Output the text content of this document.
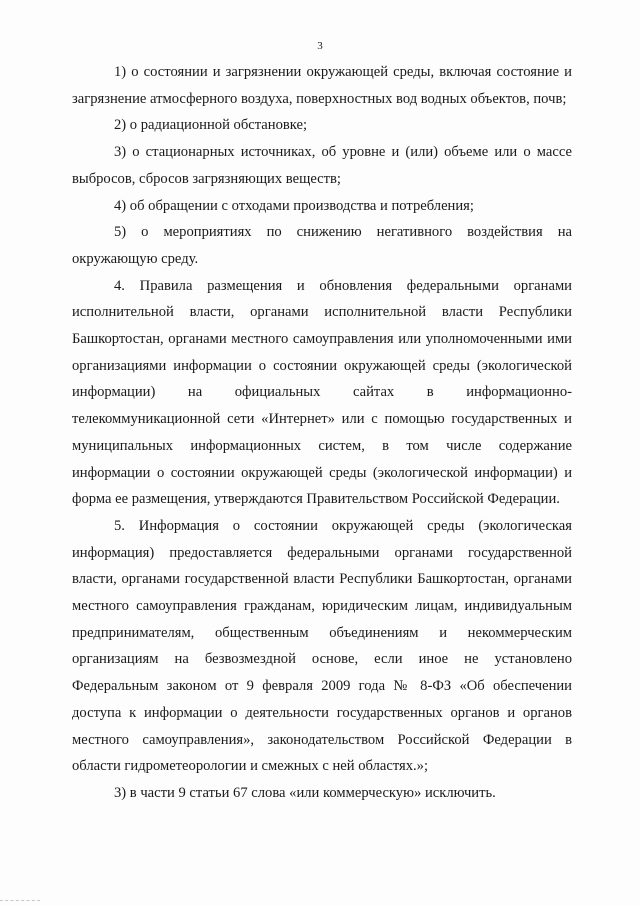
3

1) о состоянии и загрязнении окружающей среды, включая состояние и загрязнение атмосферного воздуха, поверхностных вод водных объектов, почв;

2) о радиационной обстановке;

3) о стационарных источниках, об уровне и (или) объеме или о массе выбросов, сбросов загрязняющих веществ;

4) об обращении с отходами производства и потребления;

5) о мероприятиях по снижению негативного воздействия на окружающую среду.

4. Правила размещения и обновления федеральными органами исполнительной власти, органами исполнительной власти Республики Башкортостан, органами местного самоуправления или уполномоченными ими организациями информации о состоянии окружающей среды (экологической информации) на официальных сайтах в информационно-телекоммуникационной сети «Интернет» или с помощью государственных и муниципальных информационных систем, в том числе содержание информации о состоянии окружающей среды (экологической информации) и форма ее размещения, утверждаются Правительством Российской Федерации.

5. Информация о состоянии окружающей среды (экологическая информация) предоставляется федеральными органами государственной власти, органами государственной власти Республики Башкортостан, органами местного самоуправления гражданам, юридическим лицам, индивидуальным предпринимателям, общественным объединениям и некоммерческим организациям на безвозмездной основе, если иное не установлено Федеральным законом от 9 февраля 2009 года № 8-ФЗ «Об обеспечении доступа к информации о деятельности государственных органов и органов местного самоуправления», законодательством Российской Федерации в области гидрометеорологии и смежных с ней областях.»;

3) в части 9 статьи 67 слова «или коммерческую» исключить.
